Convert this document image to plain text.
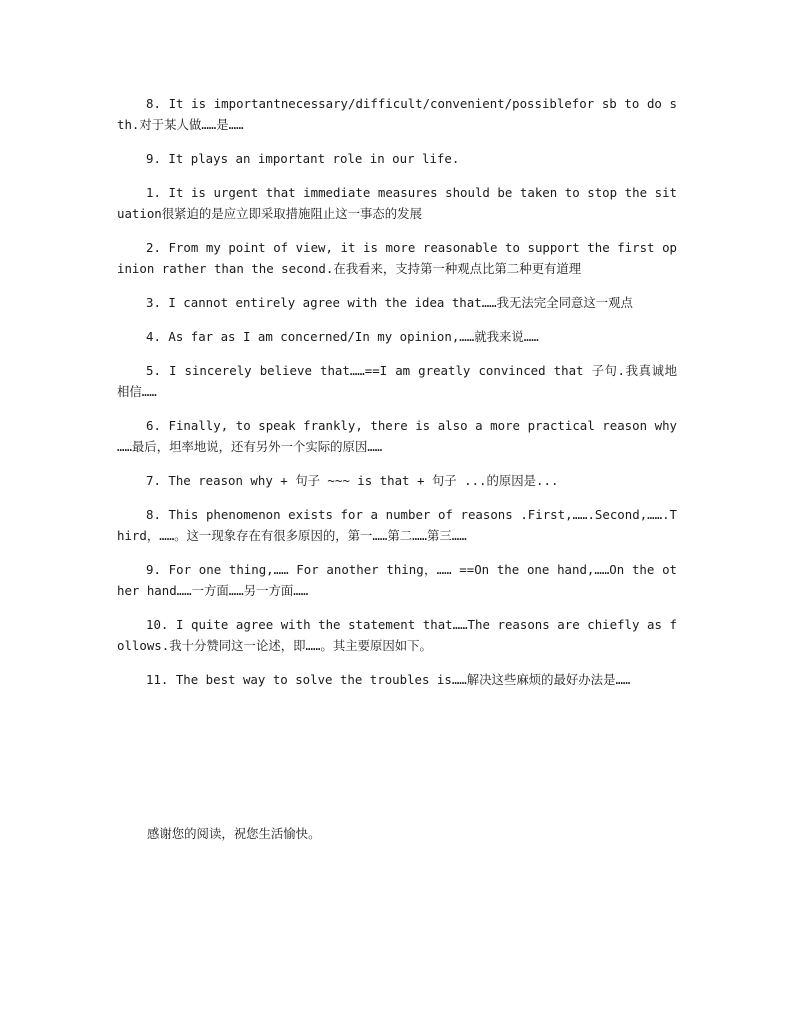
8. It is importantnecessary/difficult/convenient/possiblefor sb to do sth.对于某人做……是……

9. It plays an important role in our life.

1. It is urgent that immediate measures should be taken to stop the situation很紧迫的是应立即采取措施阻止这一事态的发展

2. From my point of view, it is more reasonable to support the first opinion rather than the second.在我看来，支持第一种观点比第二种更有道理

3. I cannot entirely agree with the idea that……我无法完全同意这一观点

4. As far as I am concerned/In my opinion,……就我来说……

5. I sincerely believe that……==I am greatly convinced that 子句.我真诚地相信……

6. Finally, to speak frankly, there is also a more practical reason why ……最后，坦率地说，还有另外一个实际的原因……

7. The reason why + 句子 ~~~ is that + 句子 ...的原因是...

8. This phenomenon exists for a number of reasons .First,…….Second,…….Third，……。这一现象存在有很多原因的，第一……第二……第三……

9. For one thing,…… For another thing，…… ==On the one hand,……On the other hand……一方面……另一方面……

10. I quite agree with the statement that……The reasons are chiefly as follows.我十分赞同这一论述，即……。其主要原因如下。

11. The best way to solve the troubles is……解决这些麻烦的最好办法是……

感谢您的阅读，祝您生活愉快。
